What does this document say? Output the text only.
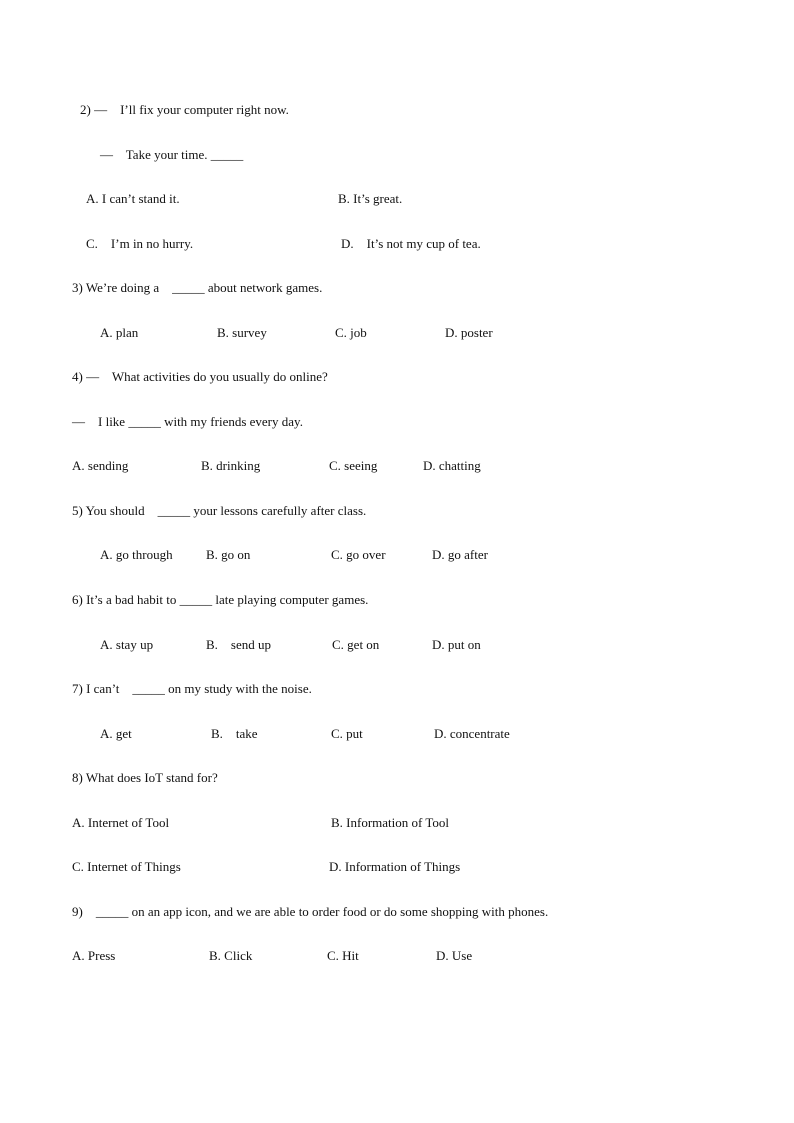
2) —    I’ll fix your computer right now.
—    Take your time. _____
A. I can’t stand it.	B. It’s great.
C.    I’m in no hurry.	D.    It’s not my cup of tea.
3) We’re doing a    _____ about network games.
A. plan	B. survey	C. job	D. poster
4) —    What activities do you usually do online?
—    I like _____ with my friends every day.
A. sending	B. drinking	C. seeing	D. chatting
5) You should    _____ your lessons carefully after class.
A. go through	B. go on	C. go over	D. go after
6) It’s a bad habit to _____ late playing computer games.
A. stay up	B.    send up	C. get on	D. put on
7) I can’t    _____ on my study with the noise.
A. get	B.    take	C. put	D. concentrate
8) What does IoT stand for?
A. Internet of Tool	B. Information of Tool
C. Internet of Things	D. Information of Things
9)    _____ on an app icon, and we are able to order food or do some shopping with phones.
A. Press	B. Click	C. Hit	D. Use
